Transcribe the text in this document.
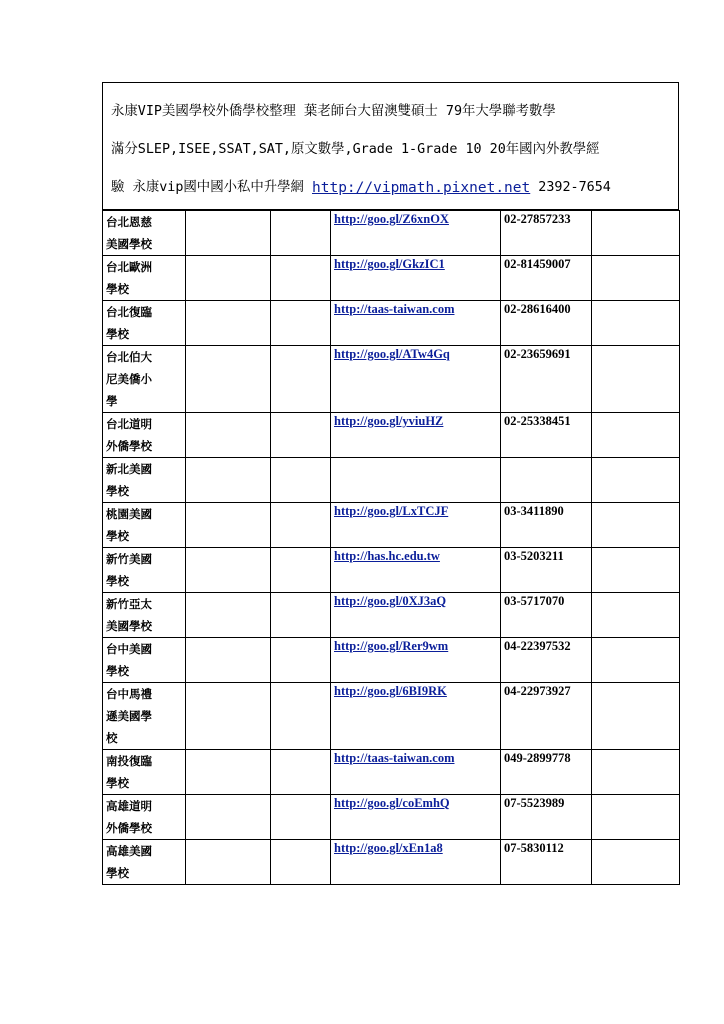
永康VIP美國學校外僑學校整理 葉老師台大留澳雙碩士 79年大學聯考數學
滿分SLEP,ISEE,SSAT,SAT,原文數學,Grade 1-Grade 10 20年國內外教學經
驗 永康vip國中國小私中升學網 http://vipmath.pixnet.net 2392-7654
台北恩慈
美國學校			http://goo.gl/Z6xnOX	02-27857233	

台北歐洲
學校			http://goo.gl/GkzIC1	02-81459007	

台北復臨
學校			http://taas-taiwan.com	02-28616400	

台北伯大
尼美僑小
學			http://goo.gl/ATw4Gq	02-23659691	

台北道明
外僑學校			http://goo.gl/yviuHZ	02-25338451	

新北美國
學校					

桃園美國
學校			http://goo.gl/LxTCJF	03-3411890	

新竹美國
學校			http://has.hc.edu.tw	03-5203211	

新竹亞太
美國學校			http://goo.gl/0XJ3aQ	03-5717070	

台中美國
學校			http://goo.gl/Rer9wm	04-22397532	

台中馬禮
遜美國學
校			http://goo.gl/6BI9RK	04-22973927	

南投復臨
學校			http://taas-taiwan.com	049-2899778	

高雄道明
外僑學校			http://goo.gl/coEmhQ	07-5523989	

高雄美國
學校			http://goo.gl/xEn1a8	07-5830112	
